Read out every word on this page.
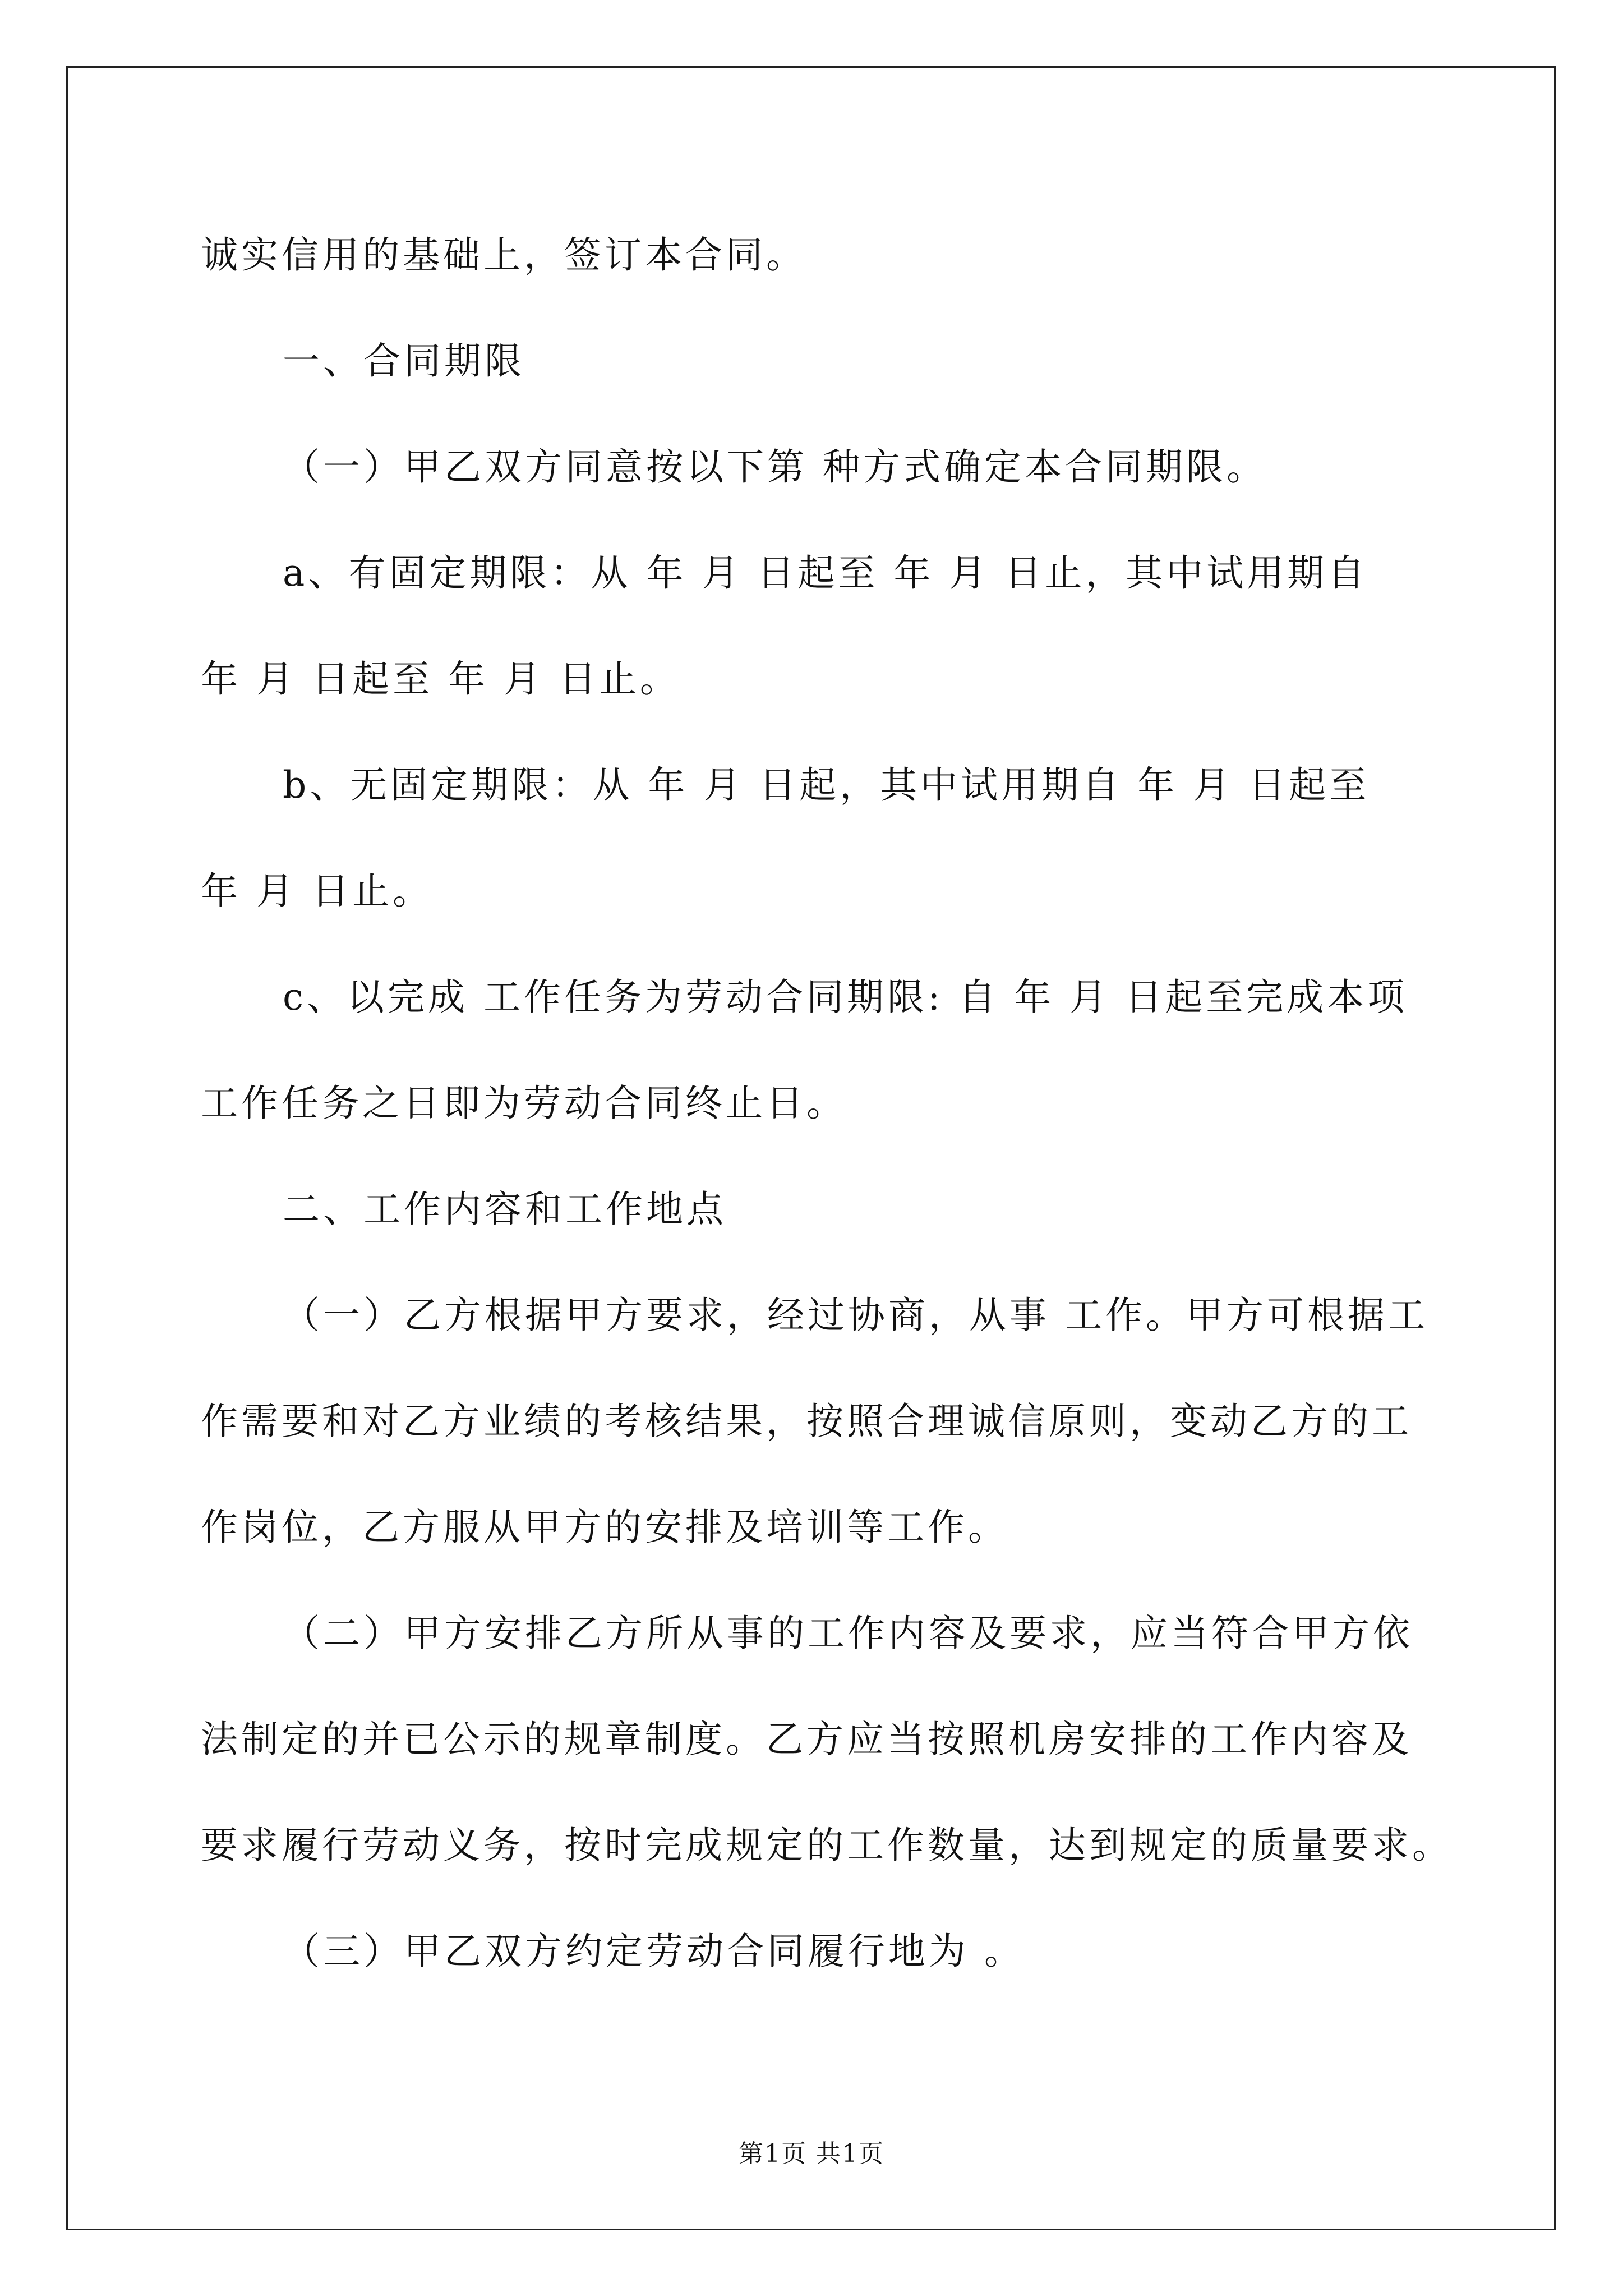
诚实信用的基础上，签订本合同。

一、合同期限

（一）甲乙双方同意按以下第 种方式确定本合同期限。

a、有固定期限：从 年 月 日起至 年 月 日止，其中试用期自

年 月 日起至 年 月 日止。

b、无固定期限：从 年 月 日起，其中试用期自 年 月 日起至

年 月 日止。

c、以完成 工作任务为劳动合同期限: 自 年 月 日起至完成本项

工作任务之日即为劳动合同终止日。

二、工作内容和工作地点

（一）乙方根据甲方要求，经过协商，从事 工作。甲方可根据工

作需要和对乙方业绩的考核结果，按照合理诚信原则，变动乙方的工

作岗位，乙方服从甲方的安排及培训等工作。

（二）甲方安排乙方所从事的工作内容及要求，应当符合甲方依

法制定的并已公示的规章制度。乙方应当按照机房安排的工作内容及

要求履行劳动义务，按时完成规定的工作数量，达到规定的质量要求。

（三）甲乙双方约定劳动合同履行地为 。

第1页 共1页
